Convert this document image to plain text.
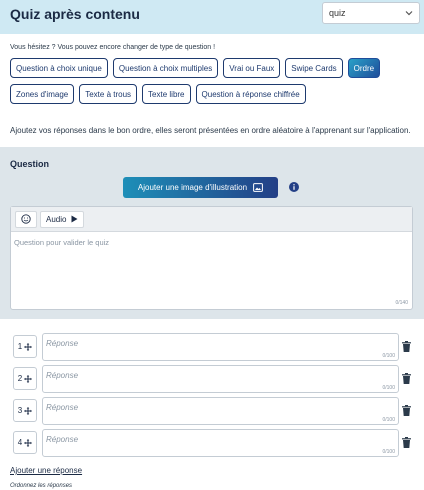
Quiz après contenu	quiz
Vous hésitez ? Vous pouvez encore changer de type de question !
Question à choix unique	Question à choix multiples	Vrai ou Faux	Swipe Cards	Ordre
Zones d'image	Texte à trous	Texte libre	Question à réponse chiffrée
Ajoutez vos réponses dans le bon ordre, elles seront présentées en ordre aléatoire à l'apprenant sur l'application.
Question
Ajouter une image d'illustration
Audio
Question pour valider le quiz
0/140
1	Réponse
0/100
2	Réponse
0/100
3	Réponse
0/100
4	Réponse
0/100
Ajouter une réponse
Ordonnez les réponses
